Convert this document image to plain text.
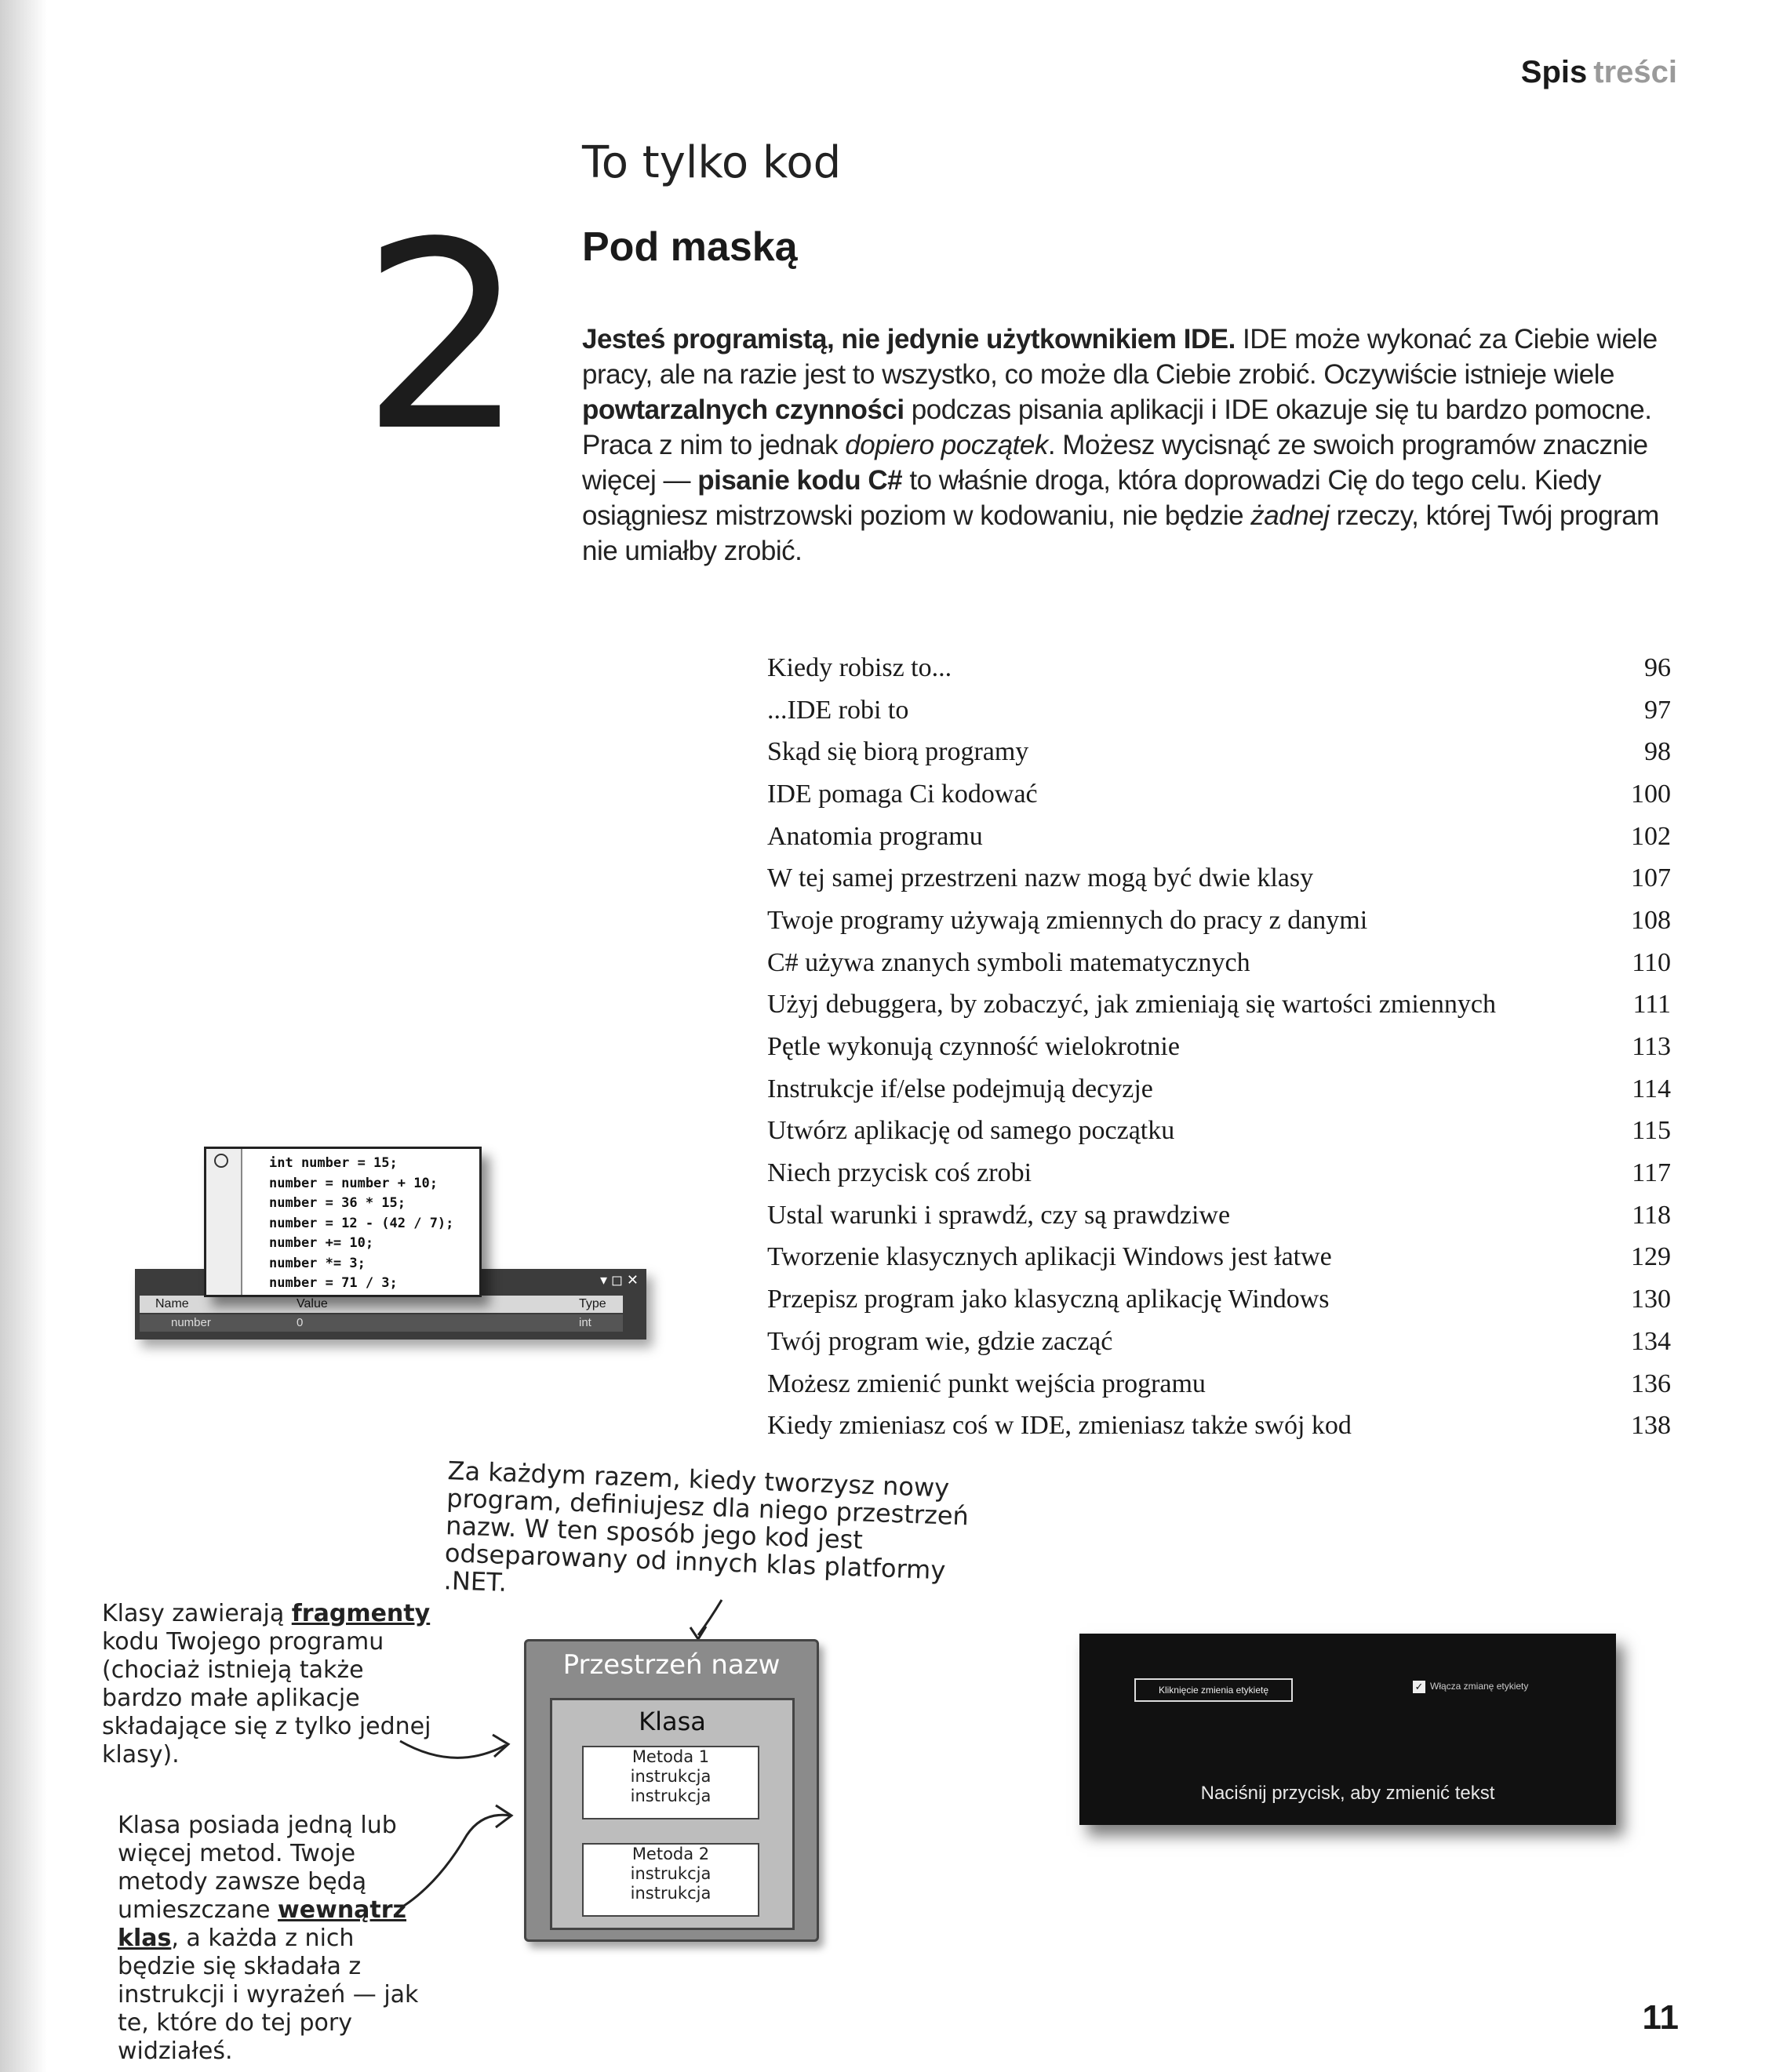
Spis treści
2
To tylko kod
Pod maską
Jesteś programistą, nie jedynie użytkownikiem IDE. IDE może wykonać za Ciebie wiele pracy, ale na razie jest to wszystko, co może dla Ciebie zrobić. Oczywiście istnieje wiele powtarzalnych czynności podczas pisania aplikacji i IDE okazuje się tu bardzo pomocne. Praca z nim to jednak dopiero początek. Możesz wycisnąć ze swoich programów znacznie więcej — pisanie kodu C# to właśnie droga, która doprowadzi Cię do tego celu. Kiedy osiągniesz mistrzowski poziom w kodowaniu, nie będzie żadnej rzeczy, której Twój program nie umiałby zrobić.
Kiedy robisz to...	96
...IDE robi to	97
Skąd się biorą programy	98
IDE pomaga Ci kodować	100
Anatomia programu	102
W tej samej przestrzeni nazw mogą być dwie klasy	107
Twoje programy używają zmiennych do pracy z danymi	108
C# używa znanych symboli matematycznych	110
Użyj debuggera, by zobaczyć, jak zmieniają się wartości zmiennych	111
Pętle wykonują czynność wielokrotnie	113
Instrukcje if/else podejmują decyzje	114
Utwórz aplikację od samego początku	115
Niech przycisk coś zrobi	117
Ustal warunki i sprawdź, czy są prawdziwe	118
Tworzenie klasycznych aplikacji Windows jest łatwe	129
Przepisz program jako klasyczną aplikację Windows	130
Twój program wie, gdzie zacząć	134
Możesz zmienić punkt wejścia programu	136
Kiedy zmieniasz coś w IDE, zmieniasz także swój kod	138
▾ ◻ ✕
Name	Value	Type
number	0	int
int number = 15;
number = number + 10;
number = 36 * 15;
number = 12 - (42 / 7);
number += 10;
number *= 3;
number = 71 / 3;
Za każdym razem, kiedy tworzysz nowy program, definiujesz dla niego przestrzeń nazw. W ten sposób jego kod jest odseparowany od innych klas platformy .NET.
Klasy zawierają fragmenty kodu Twojego programu (chociaż istnieją także bardzo małe aplikacje składające się z tylko jednej klasy).
Klasa posiada jedną lub więcej metod. Twoje metody zawsze będą umieszczane wewnątrz klas, a każda z nich będzie się składała z instrukcji i wyrażeń — jak te, które do tej pory widziałeś.
Przestrzeń nazw
Klasa
Metoda 1
instrukcja
instrukcja
Metoda 2
instrukcja
instrukcja
Kliknięcie zmienia etykietę	✓ Włącza zmianę etykiety
Naciśnij przycisk, aby zmienić tekst
11
